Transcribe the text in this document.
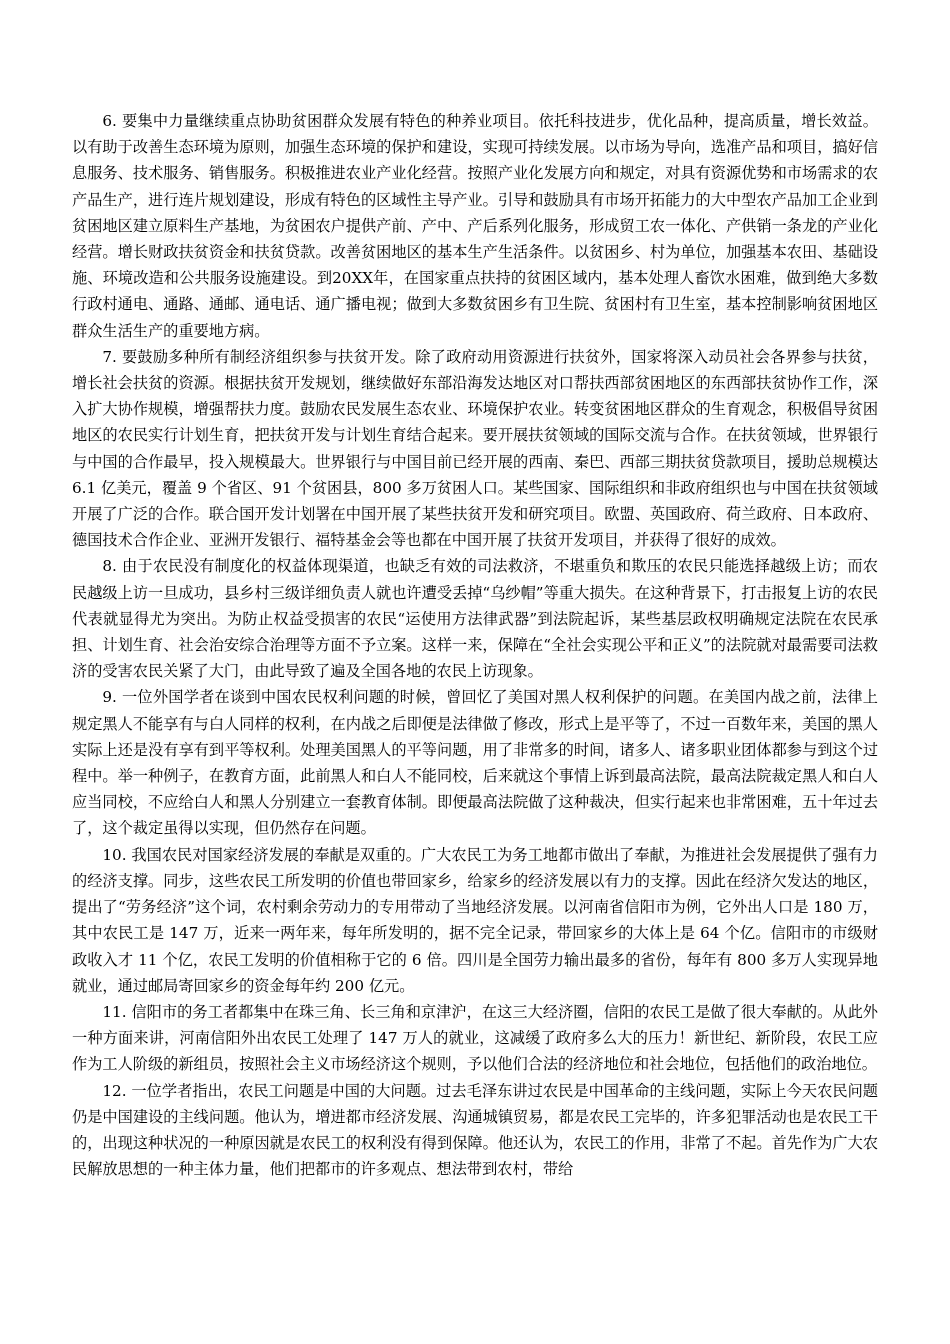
6. 要集中力量继续重点协助贫困群众发展有特色的种养业项目。依托科技进步，优化品种，提高质量，增长效益。以有助于改善生态环境为原则，加强生态环境的保护和建设，实现可持续发展。以市场为导向，选准产品和项目，搞好信息服务、技术服务、销售服务。积极推进农业产业化经营。按照产业化发展方向和规定，对具有资源优势和市场需求的农产品生产，进行连片规划建设，形成有特色的区域性主导产业。引导和鼓励具有市场开拓能力的大中型农产品加工企业到贫困地区建立原料生产基地，为贫困农户提供产前、产中、产后系列化服务，形成贸工农一体化、产供销一条龙的产业化经营。增长财政扶贫资金和扶贫贷款。改善贫困地区的基本生产生活条件。以贫困乡、村为单位，加强基本农田、基础设施、环境改造和公共服务设施建设。到20XX年，在国家重点扶持的贫困区域内，基本处理人畜饮水困难，做到绝大多数行政村通电、通路、通邮、通电话、通广播电视；做到大多数贫困乡有卫生院、贫困村有卫生室，基本控制影响贫困地区群众生活生产的重要地方病。

7. 要鼓励多种所有制经济组织参与扶贫开发。除了政府动用资源进行扶贫外，国家将深入动员社会各界参与扶贫，增长社会扶贫的资源。根据扶贫开发规划，继续做好东部沿海发达地区对口帮扶西部贫困地区的东西部扶贫协作工作，深入扩大协作规模，增强帮扶力度。鼓励农民发展生态农业、环境保护农业。转变贫困地区群众的生育观念，积极倡导贫困地区的农民实行计划生育，把扶贫开发与计划生育结合起来。要开展扶贫领域的国际交流与合作。在扶贫领域，世界银行与中国的合作最早，投入规模最大。世界银行与中国目前已经开展的西南、秦巴、西部三期扶贫贷款项目，援助总规模达 6.1 亿美元，覆盖 9 个省区、91 个贫困县，800 多万贫困人口。某些国家、国际组织和非政府组织也与中国在扶贫领域开展了广泛的合作。联合国开发计划署在中国开展了某些扶贫开发和研究项目。欧盟、英国政府、荷兰政府、日本政府、德国技术合作企业、亚洲开发银行、福特基金会等也都在中国开展了扶贫开发项目，并获得了很好的成效。

8. 由于农民没有制度化的权益体现渠道，也缺乏有效的司法救济，不堪重负和欺压的农民只能选择越级上访；而农民越级上访一旦成功，县乡村三级详细负责人就也许遭受丢掉“乌纱帽”等重大损失。在这种背景下，打击报复上访的农民代表就显得尤为突出。为防止权益受损害的农民“运使用方法律武器”到法院起诉，某些基层政权明确规定法院在农民承担、计划生育、社会治安综合治理等方面不予立案。这样一来，保障在“全社会实现公平和正义”的法院就对最需要司法救济的受害农民关紧了大门，由此导致了遍及全国各地的农民上访现象。

9. 一位外国学者在谈到中国农民权利问题的时候，曾回忆了美国对黑人权利保护的问题。在美国内战之前，法律上规定黑人不能享有与白人同样的权利，在内战之后即便是法律做了修改，形式上是平等了，不过一百数年来，美国的黑人实际上还是没有享有到平等权利。处理美国黑人的平等问题，用了非常多的时间，诸多人、诸多职业团体都参与到这个过程中。举一种例子，在教育方面，此前黑人和白人不能同校，后来就这个事情上诉到最高法院，最高法院裁定黑人和白人应当同校，不应给白人和黑人分别建立一套教育体制。即便最高法院做了这种裁决，但实行起来也非常困难，五十年过去了，这个裁定虽得以实现，但仍然存在问题。

10. 我国农民对国家经济发展的奉献是双重的。广大农民工为务工地都市做出了奉献，为推进社会发展提供了强有力的经济支撑。同步，这些农民工所发明的价值也带回家乡，给家乡的经济发展以有力的支撑。因此在经济欠发达的地区，提出了“劳务经济”这个词，农村剩余劳动力的专用带动了当地经济发展。以河南省信阳市为例，它外出人口是 180 万，其中农民工是 147 万，近来一两年来，每年所发明的，据不完全记录，带回家乡的大体上是 64 个亿。信阳市的市级财政收入才 11 个亿，农民工发明的价值相称于它的 6 倍。四川是全国劳力输出最多的省份，每年有 800 多万人实现异地就业，通过邮局寄回家乡的资金每年约 200 亿元。

11. 信阳市的务工者都集中在珠三角、长三角和京津沪，在这三大经济圈，信阳的农民工是做了很大奉献的。从此外一种方面来讲，河南信阳外出农民工处理了 147 万人的就业，这减缓了政府多么大的压力！新世纪、新阶段，农民工应作为工人阶级的新组员，按照社会主义市场经济这个规则，予以他们合法的经济地位和社会地位，包括他们的政治地位。

12. 一位学者指出，农民工问题是中国的大问题。过去毛泽东讲过农民是中国革命的主线问题，实际上今天农民问题仍是中国建设的主线问题。他认为，增进都市经济发展、沟通城镇贸易，都是农民工完毕的，许多犯罪活动也是农民工干的，出现这种状况的一种原因就是农民工的权利没有得到保障。他还认为，农民工的作用，非常了不起。首先作为广大农民解放思想的一种主体力量，他们把都市的许多观点、想法带到农村，带给
